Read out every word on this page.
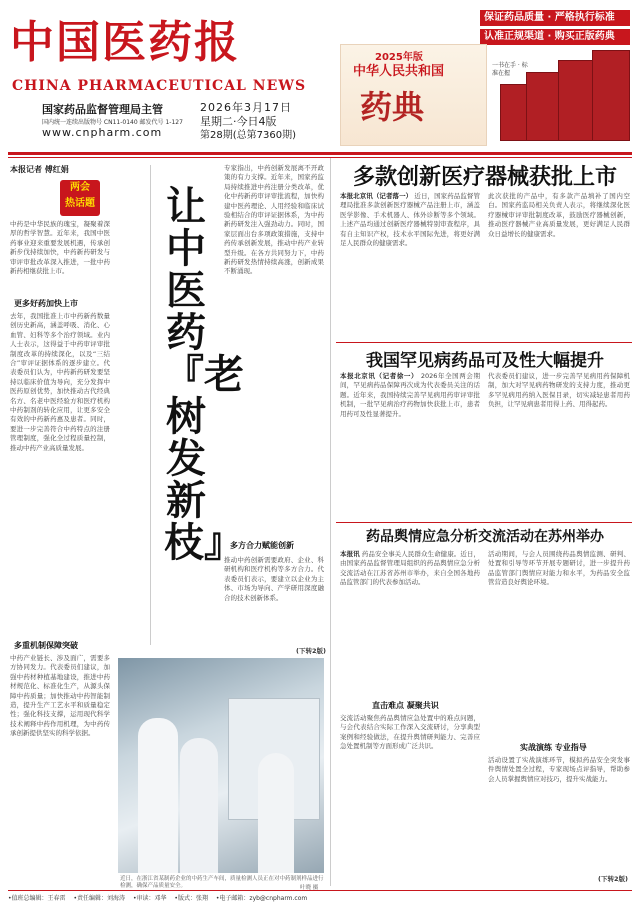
中国医药报
CHINA PHARMACEUTICAL NEWS
国家药品监督管理局主管
国内统一连续出版物号 CN11-0140 邮发代号 1-127
www.cnpharm.com
2026年3月17日
星期二·今日4版
第28期(总第7360期)
保证药品质量 · 严格执行标准
认准正规渠道 · 购买正版药典
2025年版
中华人民共和国
药典
一书在手 · 标准在握
本报记者 傅红娟
两会
热话题
中药是中华民族的瑰宝，凝聚着深厚的哲学智慧。近年来，我国中医药事业迎来重要发展机遇，传承创新步伐持续加快，中药新药研发与审评审批改革深入推进，一批中药新药相继获批上市。
更多好药加快上市
去年，我国批准上市中药新药数量创历史新高，涵盖呼吸、消化、心血管、妇科等多个治疗领域。业内人士表示，这得益于中药审评审批制度改革的持续深化，以及“三结合”审评证据体系的逐步建立。代表委员们认为，中药新药研发要坚持以临床价值为导向，充分发挥中医药原创优势，加快推动古代经典名方、名老中医经验方和医疗机构中药制剂的转化应用，让更多安全有效的中药新药惠及患者。同时，要进一步完善符合中药特点的注册管理制度，强化全过程质量控制，推动中药产业高质量发展。
多重机制保障突破
中药产业链长、涉及面广，需要多方协同发力。代表委员们建议，加强中药材种植基地建设，推进中药材规范化、标准化生产，从源头保障中药质量；加快推动中药智能制造，提升生产工艺水平和质量稳定性；强化科技支撑，运用现代科学技术阐释中药作用机理，为中药传承创新提供坚实的科学依据。
让中医药『老树发新枝』
专家指出，中药创新发展离不开政策的有力支撑。近年来，国家药监局持续推进中药注册分类改革，优化中药新药审评审批流程，加快构建中医药理论、人用经验和临床试验相结合的审评证据体系，为中药新药研发注入强劲动力。同时，国家层面出台多项政策措施，支持中药传承创新发展，推动中药产业转型升级。在各方共同努力下，中药新药研发热情持续高涨，创新成果不断涌现。
多方合力赋能创新
推动中药创新需要政府、企业、科研机构和医疗机构等多方合力。代表委员们表示，要建立以企业为主体、市场为导向、产学研用深度融合的技术创新体系。
(下转2版)
近日，在浙江省某制药企业的中药生产车间，质量检测人员正在对中药制剂样品进行检测，确保产品质量安全。	叶晓 摄
多款创新医疗器械获批上市
本报北京讯（记者落一） 近日，国家药品监督管理局批准多款创新医疗器械产品注册上市，涵盖医学影像、手术机器人、体外诊断等多个领域。上述产品均通过创新医疗器械特别审查程序，具有自主知识产权，技术水平国际先进，将更好满足人民群众的健康需求。
此次获批的产品中，有多款产品填补了国内空白。国家药监局相关负责人表示，将继续深化医疗器械审评审批制度改革，鼓励医疗器械创新，推动医疗器械产业高质量发展，更好满足人民群众日益增长的健康需求。
我国罕见病药品可及性大幅提升
本报北京讯（记者徐一） 2026年全国两会期间，罕见病药品保障再次成为代表委员关注的话题。近年来，我国持续完善罕见病用药审评审批机制，一批罕见病治疗药物加快获批上市，患者用药可及性显著提升。
代表委员们建议，进一步完善罕见病用药保障机制，加大对罕见病药物研发的支持力度，推动更多罕见病用药纳入医保目录，切实减轻患者用药负担，让罕见病患者用得上药、用得起药。
药品舆情应急分析交流活动在苏州举办
本报讯 药品安全事关人民群众生命健康。近日，由国家药品监督管理局组织的药品舆情应急分析交流活动在江苏省苏州市举办，来自全国各地药品监管部门的代表参加活动。
直击难点 凝聚共识
交流活动聚焦药品舆情应急处置中的难点问题，与会代表结合实际工作深入交流研讨，分享典型案例和经验做法，在提升舆情研判能力、完善应急处置机制等方面形成广泛共识。
活动期间，与会人员围绕药品舆情监测、研判、处置和引导等环节开展专题研讨，进一步提升药品监管部门舆情应对能力和水平，为药品安全监管营造良好舆论环境。
实战演练 专业指导
活动设置了实战演练环节，模拟药品安全突发事件舆情处置全过程，专家现场点评指导，帮助参会人员掌握舆情应对技巧，提升实战能力。
(下转2版)
•值班总编辑：王春雷 •责任编辑：刘海涛 •审读：邓华 •版式：张翔 •电子邮箱：zyb@cnpharm.com
